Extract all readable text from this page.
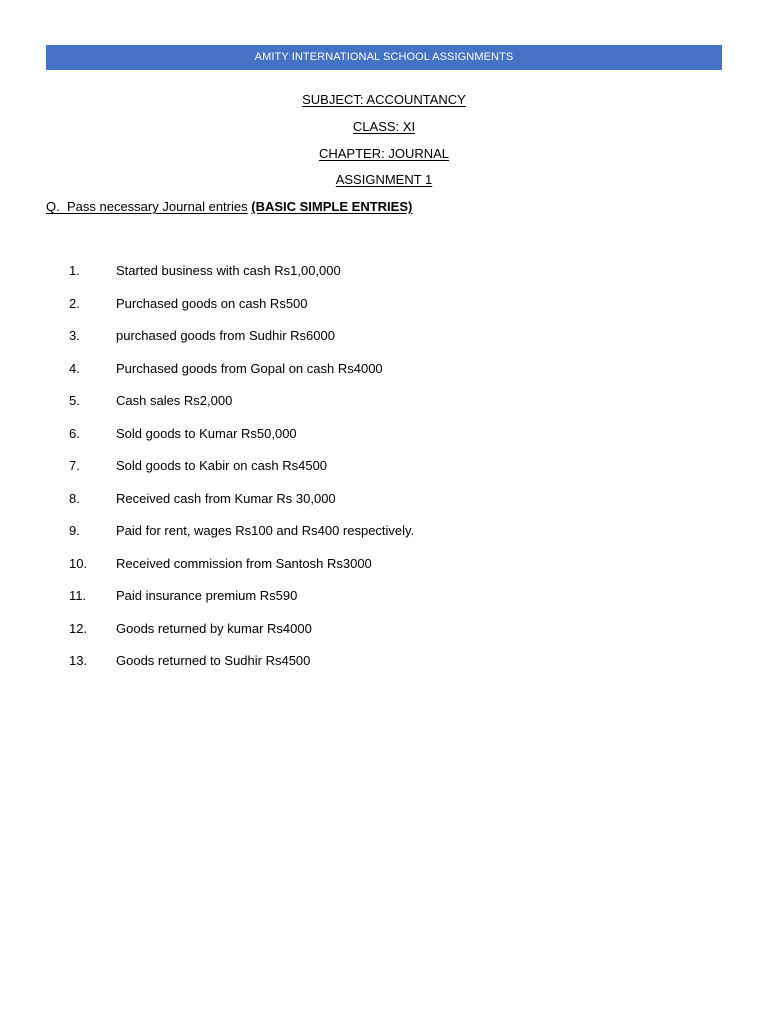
AMITY INTERNATIONAL SCHOOL ASSIGNMENTS
SUBJECT: ACCOUNTANCY
CLASS: XI
CHAPTER: JOURNAL
ASSIGNMENT 1
Q. Pass necessary Journal entries (BASIC SIMPLE ENTRIES)
1.	Started business with cash Rs1,00,000
2.	Purchased goods on cash Rs500
3.	purchased goods from Sudhir Rs6000
4.	Purchased goods from Gopal on cash Rs4000
5.	Cash sales Rs2,000
6.	Sold goods to Kumar Rs50,000
7.	Sold goods to Kabir on cash Rs4500
8.	Received cash from Kumar Rs 30,000
9.	Paid for rent, wages Rs100 and Rs400 respectively.
10. Received commission from Santosh Rs3000
11. Paid insurance premium Rs590
12. Goods returned by kumar Rs4000
13. Goods returned to Sudhir Rs4500
